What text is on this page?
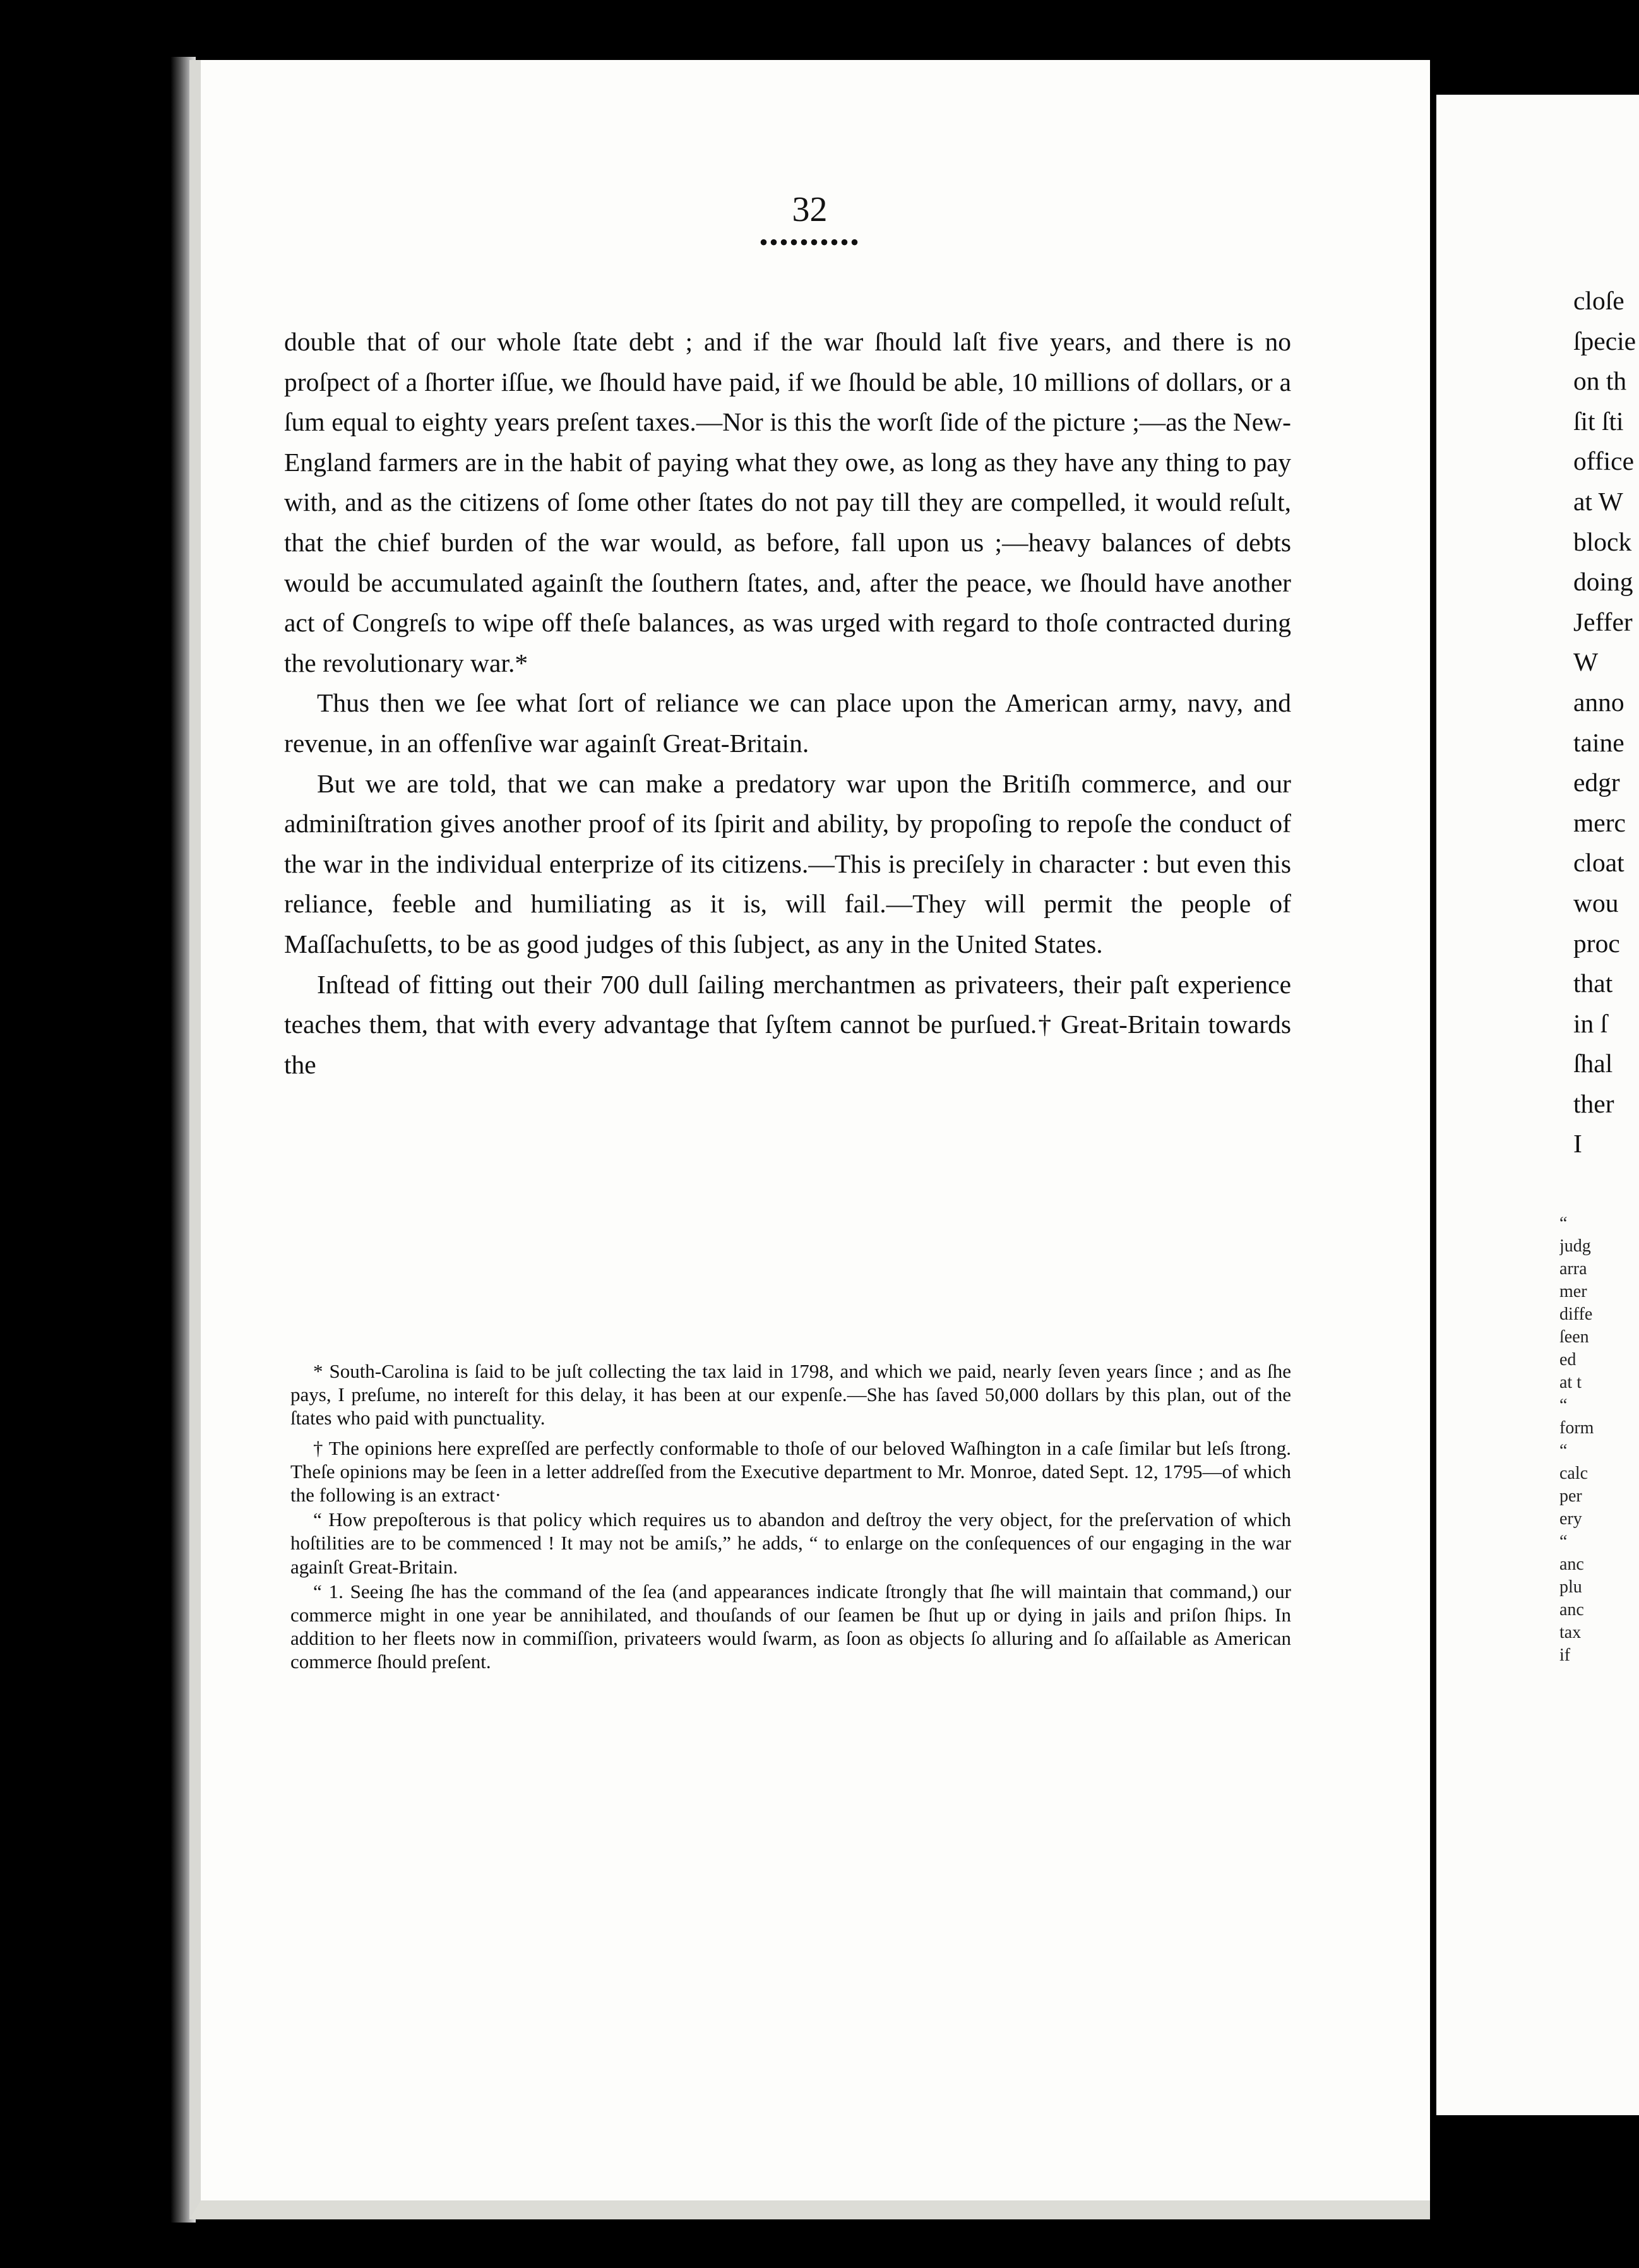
32
••••••••••

double that of our whole ſtate debt ; and if the war ſhould laſt five years, and there is no proſpect of a ſhorter iſſue, we ſhould have paid, if we ſhould be able, 10 millions of dollars, or a ſum equal to eighty years preſent taxes.—Nor is this the worſt ſide of the picture ;—as the New-England farmers are in the habit of paying what they owe, as long as they have any thing to pay with, and as the citizens of ſome other ſtates do not pay till they are compelled, it would reſult, that the chief burden of the war would, as before, fall upon us ;—heavy balances of debts would be accumulated againſt the ſouthern ſtates, and, after the peace, we ſhould have another act of Congreſs to wipe off theſe balances, as was urged with regard to thoſe contracted during the revolutionary war.*

Thus then we ſee what ſort of reliance we can place upon the American army, navy, and revenue, in an offenſive war againſt Great-Britain.

But we are told, that we can make a predatory war upon the Britiſh commerce, and our adminiſtration gives another proof of its ſpirit and ability, by propoſing to repoſe the conduct of the war in the individual enterprize of its citizens.—This is preciſely in character : but even this reliance, feeble and humiliating as it is, will fail.—They will permit the people of Maſſachuſetts, to be as good judges of this ſubject, as any in the United States.

Inſtead of fitting out their 700 dull ſailing merchantmen as privateers, their paſt experience teaches them, that with every advantage that ſyſtem cannot be purſued.† Great-Britain towards the

* South-Carolina is ſaid to be juſt collecting the tax laid in 1798, and which we paid, nearly ſeven years ſince ; and as ſhe pays, I preſume, no intereſt for this delay, it has been at our expenſe.—She has ſaved 50,000 dollars by this plan, out of the ſtates who paid with punctuality.

† The opinions here expreſſed are perfectly conformable to thoſe of our beloved Waſhington in a caſe ſimilar but leſs ſtrong. Theſe opinions may be ſeen in a letter addreſſed from the Executive department to Mr. Monroe, dated Sept. 12, 1795—of which the following is an extract·

“ How prepoſterous is that policy which requires us to abandon and deſtroy the very object, for the preſervation of which hoſtilities are to be commenced ! It may not be amiſs,” he adds, “ to enlarge on the conſequences of our engaging in the war againſt Great-Britain.

“ 1. Seeing ſhe has the command of the ſea (and appearances indicate ſtrongly that ſhe will maintain that command,) our commerce might in one year be annihilated, and thouſands of our ſeamen be ſhut up or dying in jails and priſon ſhips. In addition to her fleets now in commiſſion, privateers would ſwarm, as ſoon as objects ſo alluring and ſo aſſailable as American commerce ſhould preſent.

cloſe
ſpecie
on th
ſit ſti
office
at W
block
doing
Jeffer
W
anno
taine
edgr
merc
cloat
wou
proc
that
in ſ
ſhal
ther
I
“
judg
arra
mer
diffe
ſeen
ed
at t
“
form
“
calc
per
ery
“
anc
plu
anc
tax
if
